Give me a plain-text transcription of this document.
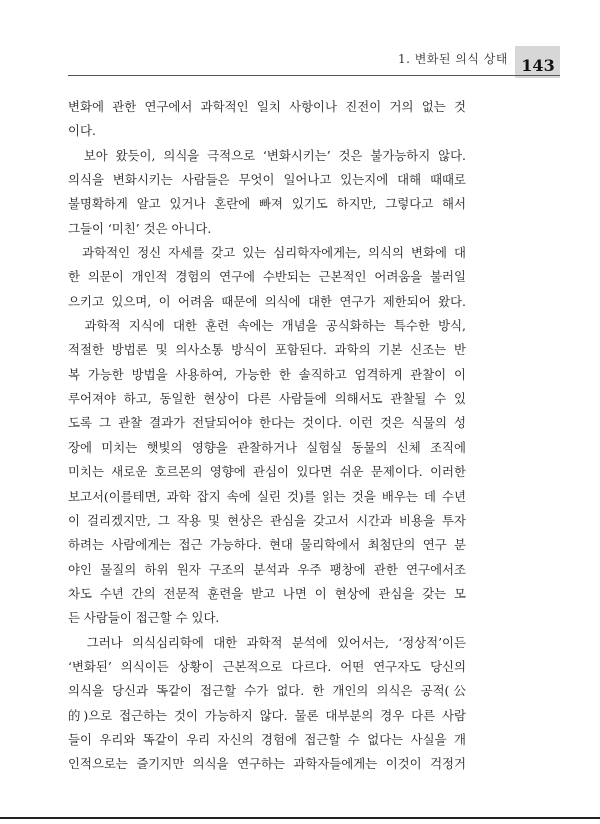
1. 변화된 의식 상태 143
변화에 관한 연구에서 과학적인 일치 사항이나 진전이 거의 없는 것
이다.
보아 왔듯이, 의식을 극적으로 ‘변화시키는’ 것은 불가능하지 않다.
의식을 변화시키는 사람들은 무엇이 일어나고 있는지에 대해 때때로
불명확하게 알고 있거나 혼란에 빠져 있기도 하지만, 그렇다고 해서
그들이 ‘미친’ 것은 아니다.
과학적인 정신 자세를 갖고 있는 심리학자에게는, 의식의 변화에 대
한 의문이 개인적 경험의 연구에 수반되는 근본적인 어려움을 불러일
으키고 있으며, 이 어려움 때문에 의식에 대한 연구가 제한되어 왔다.
과학적 지식에 대한 훈련 속에는 개념을 공식화하는 특수한 방식,
적절한 방법론 및 의사소통 방식이 포함된다. 과학의 기본 신조는 반
복 가능한 방법을 사용하여, 가능한 한 솔직하고 엄격하게 관찰이 이
루어져야 하고, 동일한 현상이 다른 사람들에 의해서도 관찰될 수 있
도록 그 관찰 결과가 전달되어야 한다는 것이다. 이런 것은 식물의 성
장에 미치는 햇빛의 영향을 관찰하거나 실험실 동물의 신체 조직에
미치는 새로운 호르몬의 영향에 관심이 있다면 쉬운 문제이다. 이러한
보고서(이를테면, 과학 잡지 속에 실린 것)를 읽는 것을 배우는 데 수년
이 걸리겠지만, 그 작용 및 현상은 관심을 갖고서 시간과 비용을 투자
하려는 사람에게는 접근 가능하다. 현대 물리학에서 최첨단의 연구 분
야인 물질의 하위 원자 구조의 분석과 우주 팽창에 관한 연구에서조
차도 수년 간의 전문적 훈련을 받고 나면 이 현상에 관심을 갖는 모
든 사람들이 접근할 수 있다.
그러나 의식심리학에 대한 과학적 분석에 있어서는, ‘정상적’이든
‘변화된’ 의식이든 상황이 근본적으로 다르다. 어떤 연구자도 당신의
의식을 당신과 똑같이 접근할 수가 없다. 한 개인의 의식은 공적(公
的)으로 접근하는 것이 가능하지 않다. 물론 대부분의 경우 다른 사람
들이 우리와 똑같이 우리 자신의 경험에 접근할 수 없다는 사실을 개
인적으로는 즐기지만 의식을 연구하는 과학자들에게는 이것이 걱정거
